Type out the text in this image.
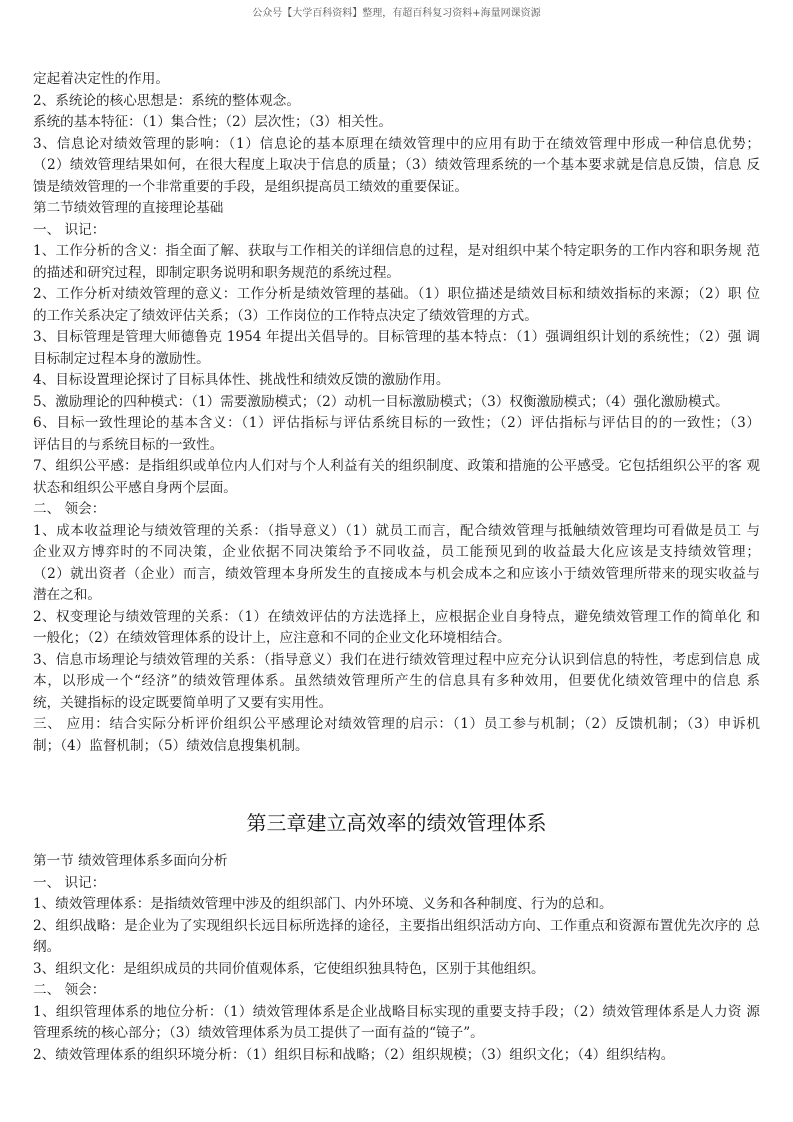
公众号【大学百科资料】整理，有超百科复习资料+海量网课资源
定起着决定性的作用。
2、系统论的核心思想是：系统的整体观念。
系统的基本特征：（1）集合性；（2）层次性；（3）相关性。
3、信息论对绩效管理的影响：（1）信息论的基本原理在绩效管理中的应用有助于在绩效管理中形成一种信息优势；
（2）绩效管理结果如何，在很大程度上取决于信息的质量；（3）绩效管理系统的一个基本要求就是信息反馈，信息 反
馈是绩效管理的一个非常重要的手段，是组织提高员工绩效的重要保证。
第二节绩效管理的直接理论基础
一、 识记：
1、工作分析的含义：指全面了解、获取与工作相关的详细信息的过程，是对组织中某个特定职务的工作内容和职务规 范
的描述和研究过程，即制定职务说明和职务规范的系统过程。
2、工作分析对绩效管理的意义：工作分析是绩效管理的基础。（1）职位描述是绩效目标和绩效指标的来源；（2）职 位
的工作关系决定了绩效评估关系；（3）工作岗位的工作特点决定了绩效管理的方式。
3、目标管理是管理大师德鲁克 1954 年提出关倡导的。目标管理的基本特点：（1）强调组织计划的系统性；（2）强 调
目标制定过程本身的激励性。
4、目标设置理论探讨了目标具体性、挑战性和绩效反馈的激励作用。
5、激励理论的四种模式：（1）需要激励模式；（2）动机一目标激励模式；（3）权衡激励模式；（4）强化激励模式。
6、目标一致性理论的基本含义：（1）评估指标与评估系统目标的一致性；（2）评估指标与评估目的的一致性；（3）
评估目的与系统目标的一致性。
7、组织公平感：是指组织或单位内人们对与个人利益有关的组织制度、政策和措施的公平感受。它包括组织公平的客 观
状态和组织公平感自身两个层面。
二、 领会：
1、成本收益理论与绩效管理的关系：（指导意义）（1）就员工而言，配合绩效管理与抵触绩效管理均可看做是员工 与
企业双方博弈时的不同决策，企业依据不同决策给予不同收益，员工能预见到的收益最大化应该是支持绩效管理；
（2）就出资者（企业）而言，绩效管理本身所发生的直接成本与机会成本之和应该小于绩效管理所带来的现实收益与
潜在之和。
2、权变理论与绩效管理的关系：（1）在绩效评估的方法选择上，应根据企业自身特点，避免绩效管理工作的简单化 和
一般化；（2）在绩效管理体系的设计上，应注意和不同的企业文化环境相结合。
3、信息市场理论与绩效管理的关系：（指导意义）我们在进行绩效管理过程中应充分认识到信息的特性，考虑到信息 成
本，以形成一个“经济”的绩效管理体系。虽然绩效管理所产生的信息具有多种效用，但要优化绩效管理中的信息 系
统，关键指标的设定既要简单明了又要有实用性。
三、 应用：结合实际分析评价组织公平感理论对绩效管理的启示：（1）员工参与机制；（2）反馈机制；（3）申诉机
制；（4）监督机制；（5）绩效信息搜集机制。
第三章建立高效率的绩效管理体系
第一节 绩效管理体系多面向分析
一、 识记：
1、绩效管理体系：是指绩效管理中涉及的组织部门、内外环境、义务和各种制度、行为的总和。
2、组织战略：是企业为了实现组织长远目标所选择的途径，主要指出组织活动方向、工作重点和资源布置优先次序的 总
纲。
3、组织文化：是组织成员的共同价值观体系，它使组织独具特色，区别于其他组织。
二、 领会：
1、组织管理体系的地位分析：（1）绩效管理体系是企业战略目标实现的重要支持手段；（2）绩效管理体系是人力资 源
管理系统的核心部分；（3）绩效管理体系为员工提供了一面有益的“镜子”。
2、绩效管理体系的组织环境分析：（1）组织目标和战略；（2）组织规模；（3）组织文化；（4）组织结构。
